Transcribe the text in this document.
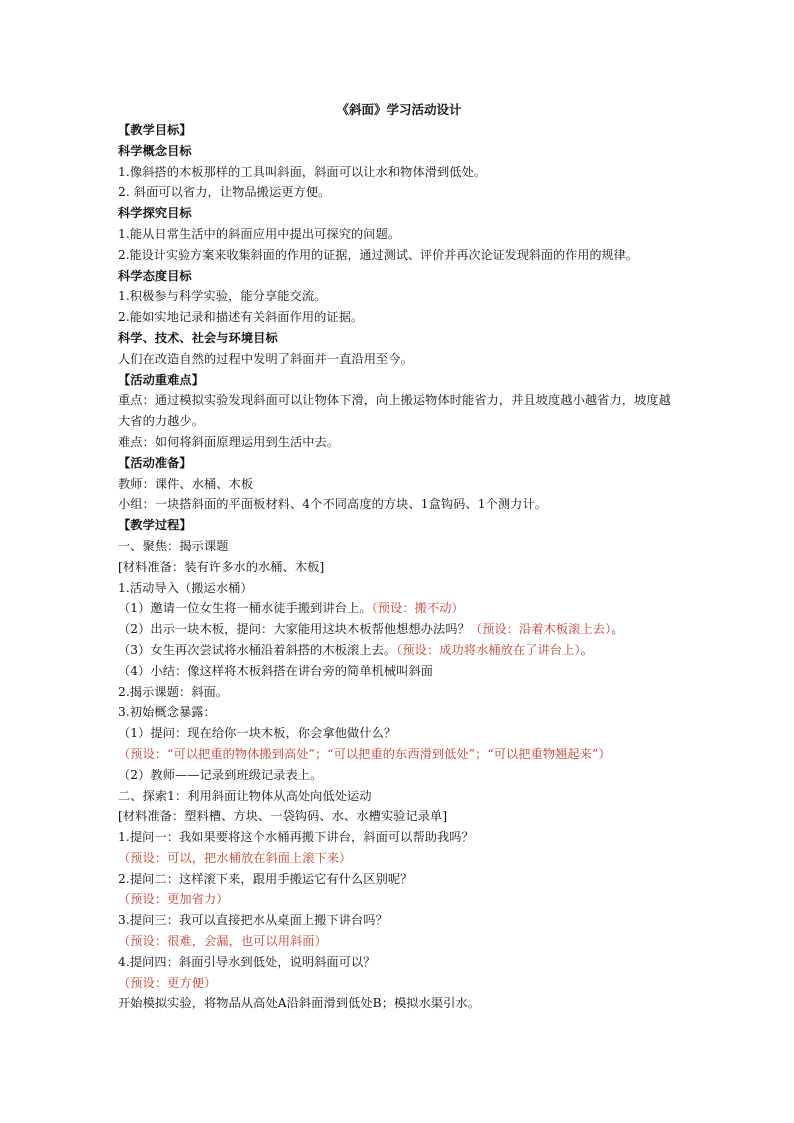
《斜面》学习活动设计
【教学目标】
科学概念目标
1.像斜搭的木板那样的工具叫斜面，斜面可以让水和物体滑到低处。
2. 斜面可以省力，让物品搬运更方便。
科学探究目标
1.能从日常生活中的斜面应用中提出可探究的问题。
2.能设计实验方案来收集斜面的作用的证据，通过测试、评价并再次论证发现斜面的作用的规律。
科学态度目标
1.积极参与科学实验，能分享能交流。
2.能如实地记录和描述有关斜面作用的证据。
科学、技术、社会与环境目标
人们在改造自然的过程中发明了斜面并一直沿用至今。
【活动重难点】
重点：通过模拟实验发现斜面可以让物体下滑，向上搬运物体时能省力，并且坡度越小越省力，坡度越大省的力越少。
难点：如何将斜面原理运用到生活中去。
【活动准备】
教师：课件、水桶、木板
小组：一块搭斜面的平面板材料、4个不同高度的方块、1盒钩码、1个测力计。
【教学过程】
一、聚焦：揭示课题
[材料准备：装有许多水的水桶、木板]
1.活动导入（搬运水桶）
（1）邀请一位女生将一桶水徒手搬到讲台上。（预设：搬不动）
（2）出示一块木板，提问：大家能用这块木板帮他想想办法吗？（预设：沿着木板滚上去）。
（3）女生再次尝试将水桶沿着斜搭的木板滚上去。（预设：成功将水桶放在了讲台上）。
（4）小结：像这样将木板斜搭在讲台旁的简单机械叫斜面
2.揭示课题：斜面。
3.初始概念暴露：
（1）提问：现在给你一块木板，你会拿他做什么？
（预设：“可以把重的物体搬到高处”；“可以把重的东西滑到低处”；“可以把重物翘起来”）
（2）教师——记录到班级记录表上。
二、探索1：利用斜面让物体从高处向低处运动
[材料准备：塑料槽、方块、一袋钩码、水、水槽实验记录单]
1.提问一：我如果要将这个水桶再搬下讲台，斜面可以帮助我吗？
（预设：可以，把水桶放在斜面上滚下来）
2.提问二：这样滚下来，跟用手搬运它有什么区别呢？
（预设：更加省力）
3.提问三：我可以直接把水从桌面上搬下讲台吗？
（预设：很难，会漏，也可以用斜面）
4.提问四：斜面引导水到低处，说明斜面可以？
（预设：更方便）
开始模拟实验，将物品从高处A沿斜面滑到低处B；模拟水渠引水。
